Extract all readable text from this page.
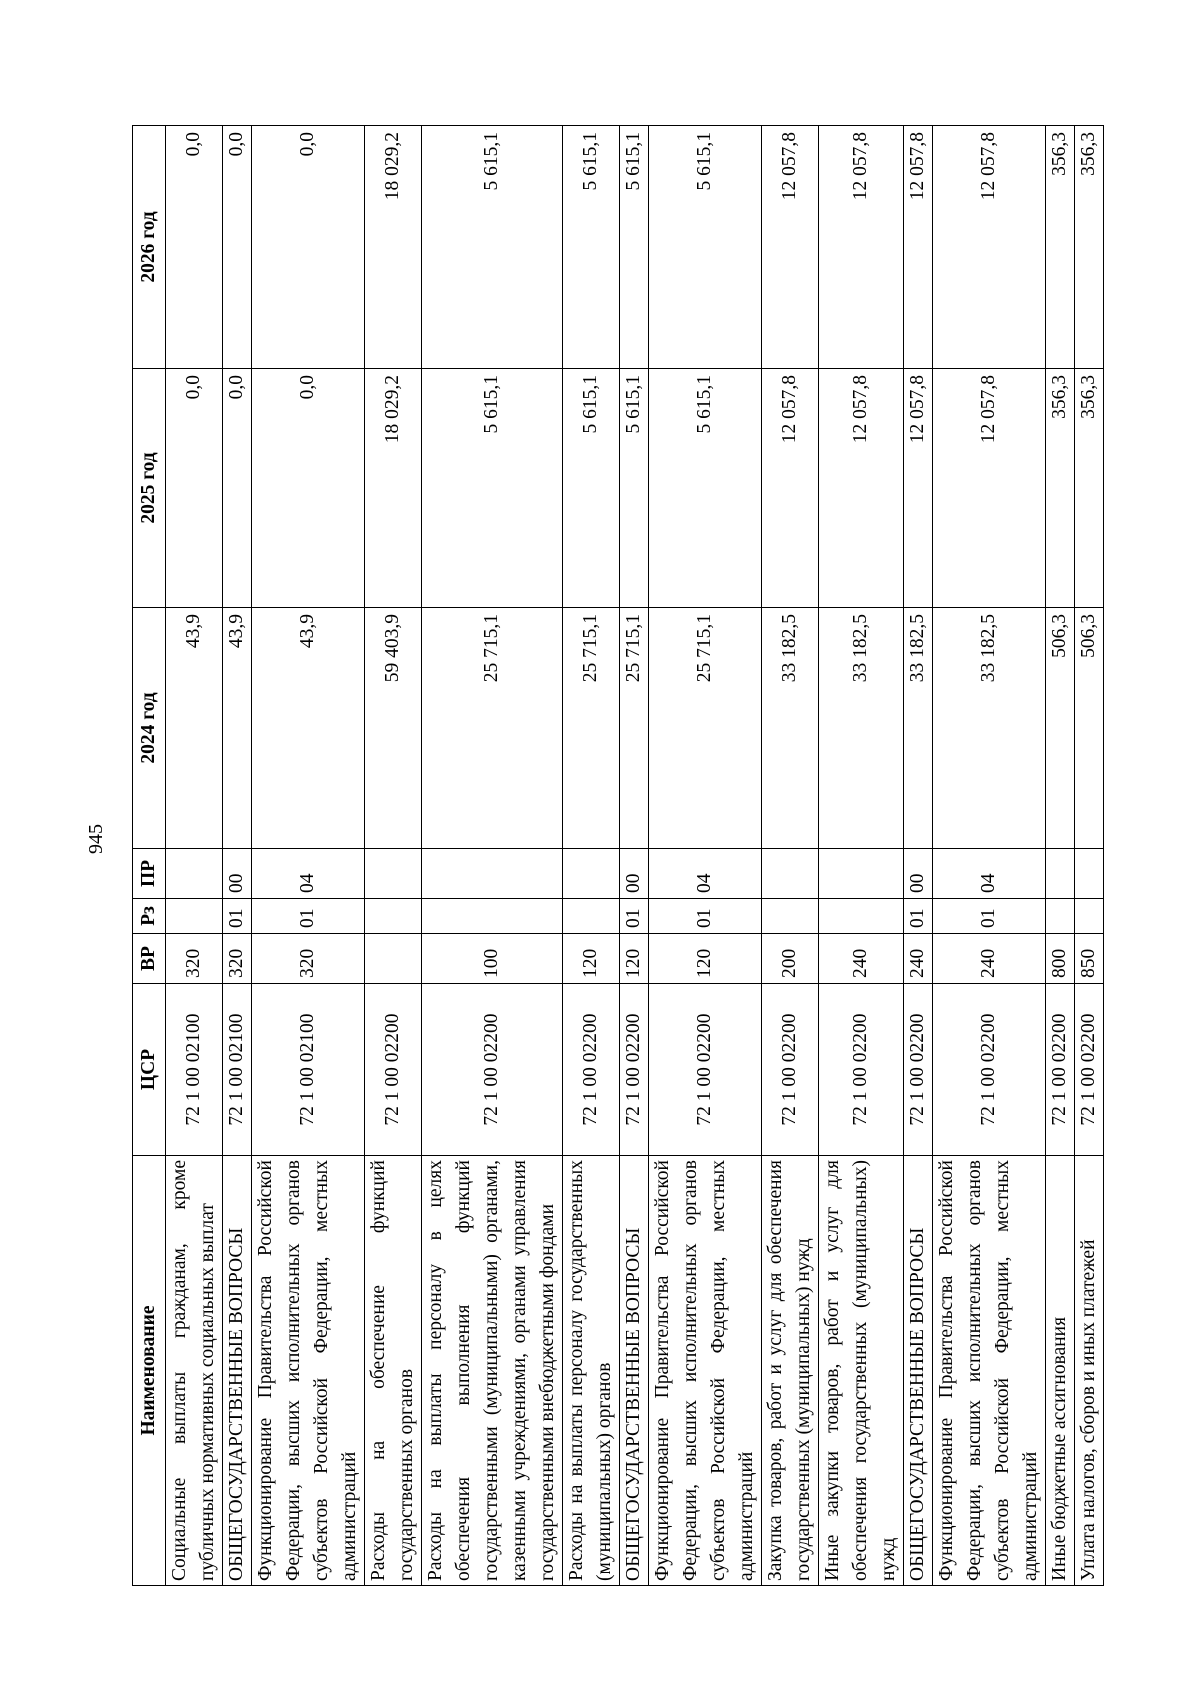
945
Наименование	ЦСР	ВР	Рз	ПР	2024 год	2025 год	2026 год
Социальные выплаты гражданам, кроме публичных нормативных социальных выплат	72 1 00 02100	320			43,9	0,0	0,0
ОБЩЕГОСУДАРСТВЕННЫЕ ВОПРОСЫ	72 1 00 02100	320	01	00	43,9	0,0	0,0
Функционирование Правительства Российской Федерации, высших исполнительных органов субъектов Российской Федерации, местных администраций	72 1 00 02100	320	01	04	43,9	0,0	0,0
Расходы на обеспечение функций государственных органов	72 1 00 02200				59 403,9	18 029,2	18 029,2
Расходы на выплаты персоналу в целях обеспечения выполнения функций государственными (муниципальными) органами, казенными учреждениями, органами управления государственными внебюджетными фондами	72 1 00 02200	100			25 715,1	5 615,1	5 615,1
Расходы на выплаты персоналу государственных (муниципальных) органов	72 1 00 02200	120			25 715,1	5 615,1	5 615,1
ОБЩЕГОСУДАРСТВЕННЫЕ ВОПРОСЫ	72 1 00 02200	120	01	00	25 715,1	5 615,1	5 615,1
Функционирование Правительства Российской Федерации, высших исполнительных органов субъектов Российской Федерации, местных администраций	72 1 00 02200	120	01	04	25 715,1	5 615,1	5 615,1
Закупка товаров, работ и услуг для обеспечения государственных (муниципальных) нужд	72 1 00 02200	200			33 182,5	12 057,8	12 057,8
Иные закупки товаров, работ и услуг для обеспечения государственных (муниципальных) нужд	72 1 00 02200	240			33 182,5	12 057,8	12 057,8
ОБЩЕГОСУДАРСТВЕННЫЕ ВОПРОСЫ	72 1 00 02200	240	01	00	33 182,5	12 057,8	12 057,8
Функционирование Правительства Российской Федерации, высших исполнительных органов субъектов Российской Федерации, местных администраций	72 1 00 02200	240	01	04	33 182,5	12 057,8	12 057,8
Иные бюджетные ассигнования	72 1 00 02200	800			506,3	356,3	356,3
Уплата налогов, сборов и иных платежей	72 1 00 02200	850			506,3	356,3	356,3
